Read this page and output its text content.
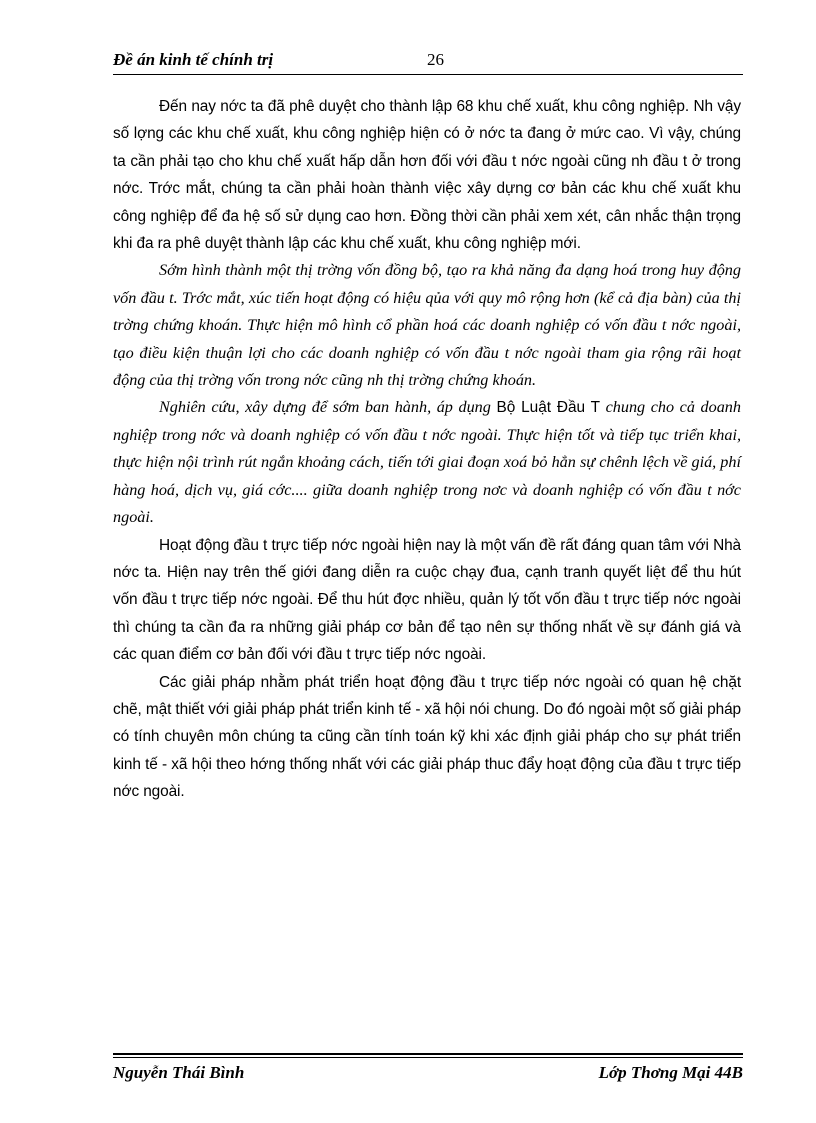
Đề án kinh tế chính trị	26

Đến nay nớc ta đã phê duyệt cho thành lập 68 khu chế xuất, khu công nghiệp. Nh vậy số lợng các khu chế xuất, khu công nghiệp hiện có ở nớc ta đang ở mức cao. Vì vậy, chúng ta cần phải tạo cho khu chế xuất hấp dẫn hơn đối với đầu t nớc ngoài cũng nh đầu t ở trong nớc. Trớc mắt, chúng ta cần phải hoàn thành việc xây dựng cơ bản các khu chế xuất khu công nghiệp để đa hệ số sử dụng cao hơn. Đồng thời cần phải xem xét, cân nhắc thận trọng khi đa ra phê duyệt thành lập các khu chế xuất, khu công nghiệp mới.

Sớm hình thành một thị trờng vốn đồng bộ, tạo ra khả năng đa dạng hoá trong huy động vốn đầu t. Trớc mắt, xúc tiến hoạt động có hiệu qủa với quy mô rộng hơn (kể cả địa bàn) của thị trờng chứng khoán. Thực hiện mô hình cổ phần hoá các doanh nghiệp có vốn đầu t nớc ngoài, tạo điều kiện thuận lợi cho các doanh nghiệp có vốn đầu t nớc ngoài tham gia rộng rãi hoạt động của thị trờng vốn trong nớc cũng nh thị trờng chứng khoán.

Nghiên cứu, xây dựng để sớm ban hành, áp dụng Bộ Luật Đầu T chung cho cả doanh nghiệp trong nớc và doanh nghiệp có vốn đầu t nớc ngoài. Thực hiện tốt và tiếp tục triển khai, thực hiện nội trình rút ngắn khoảng cách, tiến tới giai đoạn xoá bỏ hẳn sự chênh lệch về giá, phí hàng hoá, dịch vụ, giá cớc.... giữa doanh nghiệp trong nơc và doanh nghiệp có vốn đầu t nớc ngoài.

Hoạt động đầu t trực tiếp nớc ngoài hiện nay là một vấn đề rất đáng quan tâm với Nhà nớc ta. Hiện nay trên thế giới đang diễn ra cuộc chạy đua, cạnh tranh quyết liệt để thu hút vốn đầu t trực tiếp nớc ngoài. Để thu hút đợc nhiều, quản lý tốt vốn đầu t trực tiếp nớc ngoài thì chúng ta cần đa ra những giải pháp cơ bản để tạo nên sự thống nhất về sự đánh giá và các quan điểm cơ bản đối với đầu t trực tiếp nớc ngoài.

Các giải pháp nhằm phát triển hoạt động đầu t trực tiếp nớc ngoài có quan hệ chặt chẽ, mật thiết với giải pháp phát triển kinh tế - xã hội nói chung. Do đó ngoài một số giải pháp có tính chuyên môn chúng ta cũng cần tính toán kỹ khi xác định giải pháp cho sự phát triển kinh tế - xã hội theo hớng thống nhất với các giải pháp thuc đẩy hoạt động của đầu t trực tiếp nớc ngoài.

Nguyễn Thái Bình	Lớp Thơng Mại 44B
